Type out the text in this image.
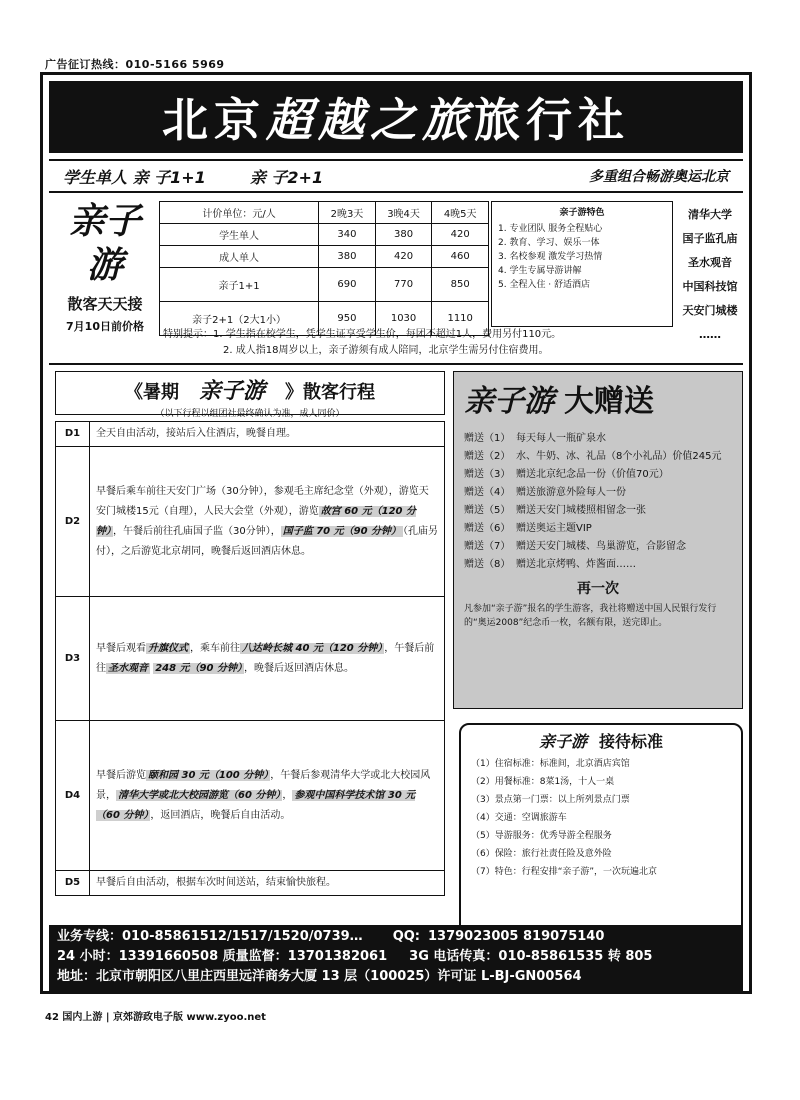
广告征订热线：010-5166 5969
北京超越之旅旅行社
学生单人 亲 子1+1	亲 子2+1	多重组合畅游奥运北京
亲子游
散客天天接
7月10日前价格
计价单位：元/人	2晚3天	3晚4天	4晚5天
学生单人	340	380	420
成人单人	380	420	460
亲子1+1	690	770	850
亲子2+1（2大1小）	950	1030	1110
亲子游特色
1. 专业团队 服务全程贴心
2. 教育、学习、娱乐一体
3. 名校参观 激发学习热情
4. 学生专属导游讲解
5. 全程入住 · 舒适酒店
清华大学
国子监孔庙
圣水观音
中国科技馆
天安门城楼
……
特别提示：1. 学生指在校学生，凭学生证享受学生价，每团不超过1人，费用另付110元。
2. 成人指18周岁以上，亲子游须有成人陪同，北京学生需另付住宿费用。
《暑期 亲子游 》散客行程
（以下行程以组团社最终确认为准，成人同价）
D1	全天自由活动，接站后入住酒店，晚餐自理。
D2	早餐后乘车前往天安门广场（30分钟），参观毛主席纪念堂（外观），游览天安门城楼15元（自理），人民大会堂（外观），游览 故宫 60 元（120 分钟） ，午餐后前往孔庙国子监（30分钟）， 国子监 70 元（90 分钟） （孔庙另付），之后游览北京胡同，晚餐后返回酒店休息。
D3	早餐后观看 升旗仪式 ，乘车前往 八达岭长城 40 元（120 分钟） ，午餐后前往 圣水观音 248 元（90 分钟） ，晚餐后返回酒店休息。
D4	早餐后游览 颐和园 30 元（100 分钟） ，午餐后参观清华大学或北大校园风景， 清华大学或北大校园游览（60 分钟） ， 参观中国科学技术馆 30 元（60 分钟） ，返回酒店，晚餐后自由活动。
D5	早餐后自由活动，根据车次时间送站，结束愉快旅程。
亲子游 大赠送
赠送（1） 每天每人一瓶矿泉水
赠送（2） 水、牛奶、冰、礼品（8个小礼品）价值245元
赠送（3） 赠送北京纪念品一份（价值70元）
赠送（4） 赠送旅游意外险每人一份
赠送（5） 赠送天安门城楼照相留念一张
赠送（6） 赠送奥运主题VIP
赠送（7） 赠送天安门城楼、鸟巢游览，合影留念
赠送（8） 赠送北京烤鸭、炸酱面……
再一次
凡参加“亲子游”报名的学生游客，我社将赠送中国人民银行发行的“奥运2008”纪念币一枚，名额有限，送完即止。
亲子游 接待标准
（1）住宿标准：标准间，北京酒店宾馆
（2）用餐标准：8菜1汤，十人一桌
（3）景点第一门票：以上所列景点门票
（4）交通：空调旅游车
（5）导游服务：优秀导游全程服务
（6）保险：旅行社责任险及意外险
（7）特色：行程安排“亲子游”，一次玩遍北京
业务专线：010-85861512/1517/1520/0739… QQ: 1379023005 819075140
24 小时：13391660508 质量监督：13701382061 3G 电话传真：010-85861535 转 805
地址：北京市朝阳区八里庄西里远洋商务大厦 13 层（100025）许可证 L-BJ-GN00564
42 国内上游 | 京郊游政电子版 www.zyoo.net
